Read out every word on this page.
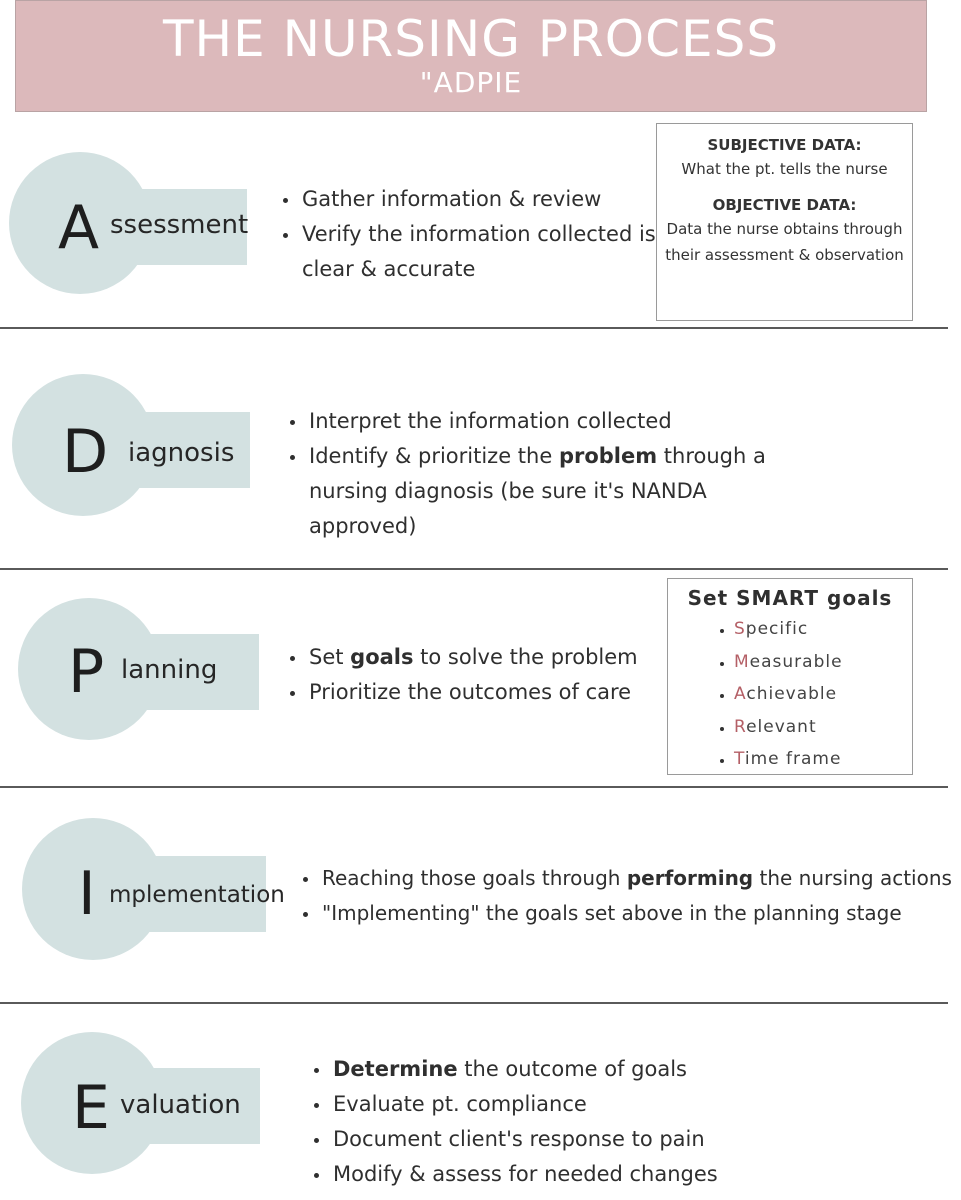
THE NURSING PROCESS
"ADPIE
A ssessment
• Gather information & review
• Verify the information collected is clear & accurate
SUBJECTIVE DATA:
What the pt. tells the nurse
OBJECTIVE DATA:
Data the nurse obtains through their assessment & observation
D iagnosis
• Interpret the information collected
• Identify & prioritize the problem through a nursing diagnosis (be sure it's NANDA approved)
P lanning
•	Set goals to solve the problem
• Prioritize the outcomes of care
Set SMART goals
• Specific
• Measurable
• Achievable
• Relevant
• Time frame
I mplementation
• Reaching those goals through performing the nursing actions
• "Implementing" the goals set above in the planning stage
E valuation
• Determine the outcome of goals
• Evaluate pt. compliance
• Document client's response to pain
• Modify & assess for needed changes
